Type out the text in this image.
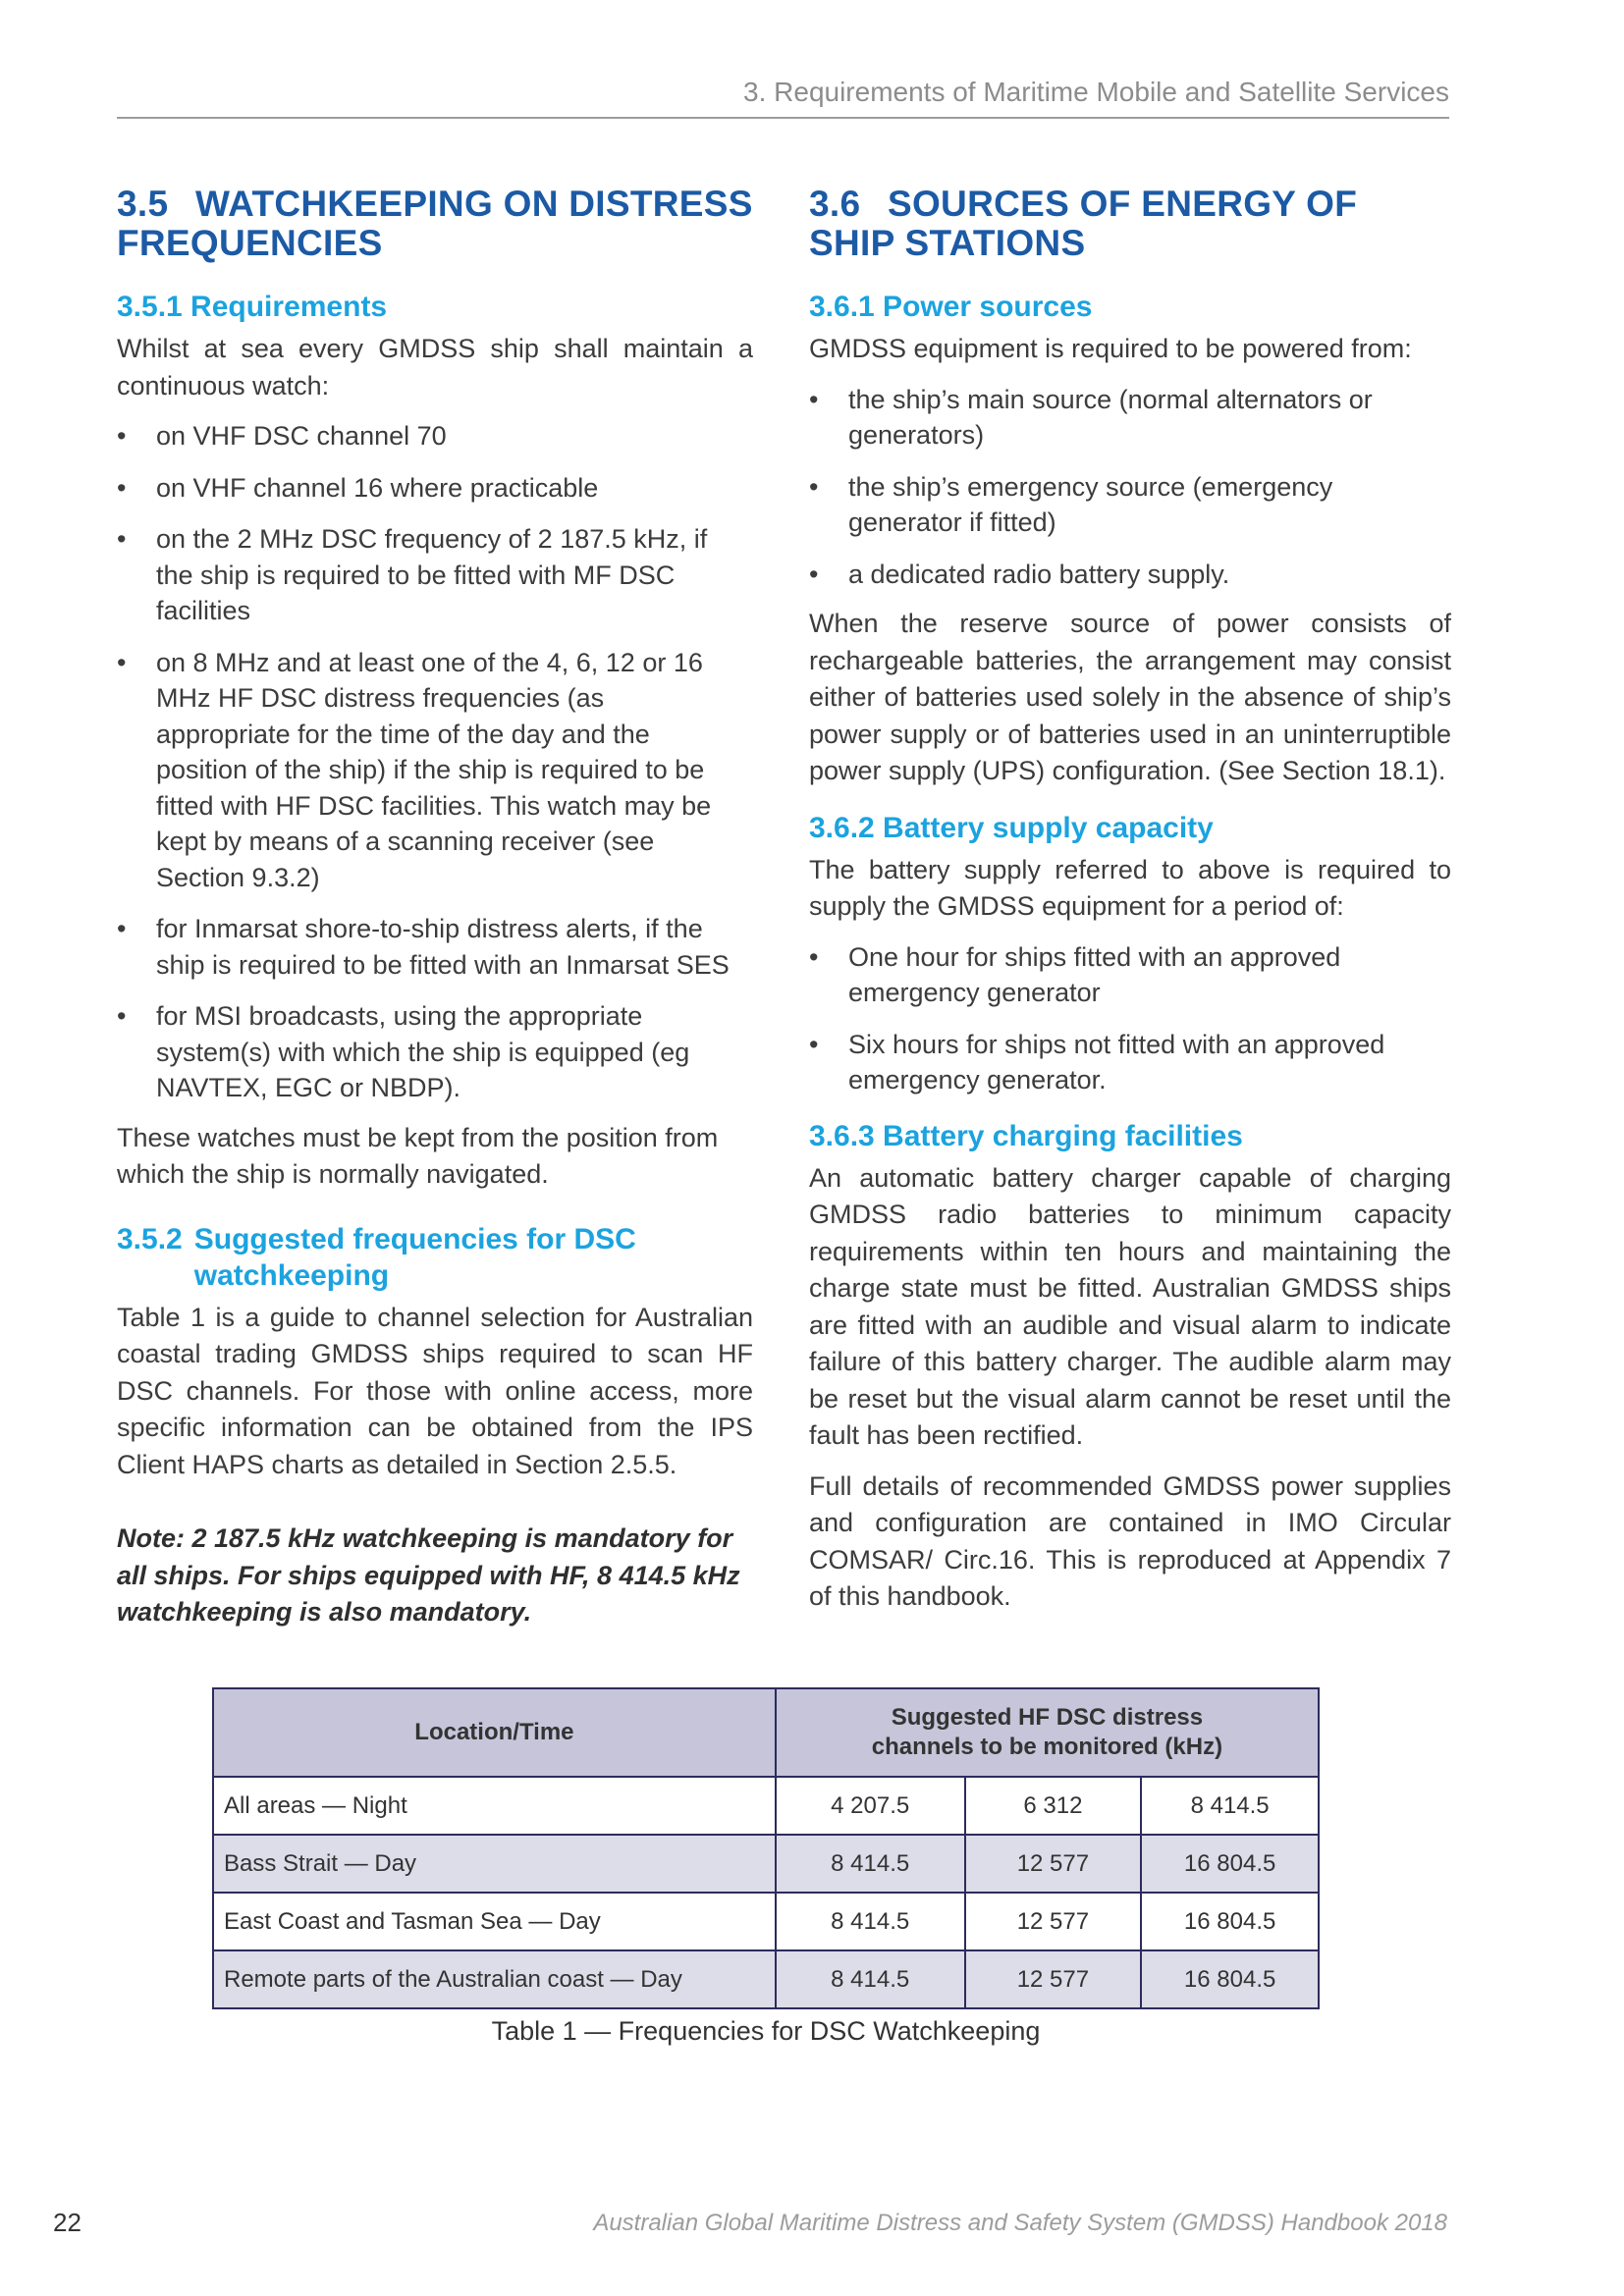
3. Requirements of Maritime Mobile and Satellite Services
3.5 WATCHKEEPING ON DISTRESS FREQUENCIES
3.5.1 Requirements

Whilst at sea every GMDSS ship shall maintain a continuous watch:

• on VHF DSC channel 70
• on VHF channel 16 where practicable
• on the 2 MHz DSC frequency of 2 187.5 kHz, if the ship is required to be fitted with MF DSC facilities
• on 8 MHz and at least one of the 4, 6, 12 or 16 MHz HF DSC distress frequencies (as appropriate for the time of the day and the position of the ship) if the ship is required to be fitted with HF DSC facilities. This watch may be kept by means of a scanning receiver (see Section 9.3.2)
• for Inmarsat shore-to-ship distress alerts, if the ship is required to be fitted with an Inmarsat SES
• for MSI broadcasts, using the appropriate system(s) with which the ship is equipped (eg NAVTEX, EGC or NBDP).

These watches must be kept from the position from which the ship is normally navigated.

3.5.2 Suggested frequencies for DSC watchkeeping

Table 1 is a guide to channel selection for Australian coastal trading GMDSS ships required to scan HF DSC channels. For those with online access, more specific information can be obtained from the IPS Client HAPS charts as detailed in Section 2.5.5.

Note: 2 187.5 kHz watchkeeping is mandatory for all ships. For ships equipped with HF, 8 414.5 kHz watchkeeping is also mandatory.

3.6 SOURCES OF ENERGY OF SHIP STATIONS
3.6.1 Power sources

GMDSS equipment is required to be powered from:

• the ship’s main source (normal alternators or generators)
• the ship’s emergency source (emergency generator if fitted)
• a dedicated radio battery supply.

When the reserve source of power consists of rechargeable batteries, the arrangement may consist either of batteries used solely in the absence of ship’s power supply or of batteries used in an uninterruptible power supply (UPS) configuration. (See Section 18.1).

3.6.2 Battery supply capacity

The battery supply referred to above is required to supply the GMDSS equipment for a period of:

• One hour for ships fitted with an approved emergency generator
• Six hours for ships not fitted with an approved emergency generator.
3.6.3 Battery charging facilities

An automatic battery charger capable of charging GMDSS radio batteries to minimum capacity requirements within ten hours and maintaining the charge state must be fitted. Australian GMDSS ships are fitted with an audible and visual alarm to indicate failure of this battery charger. The audible alarm may be reset but the visual alarm cannot be reset until the fault has been rectified.

Full details of recommended GMDSS power supplies and configuration are contained in IMO Circular COMSAR/ Circ.16. This is reproduced at Appendix 7 of this handbook.

Location/Time	Suggested HF DSC distress channels to be monitored (kHz)		
All areas — Night	4 207.5	6 312	8 414.5
Bass Strait — Day	8 414.5	12 577	16 804.5
East Coast and Tasman Sea — Day	8 414.5	12 577	16 804.5
Remote parts of the Australian coast — Day	8 414.5	12 577	16 804.5
Table 1 — Frequencies for DSC Watchkeeping
22	Australian Global Maritime Distress and Safety System (GMDSS) Handbook 2018
